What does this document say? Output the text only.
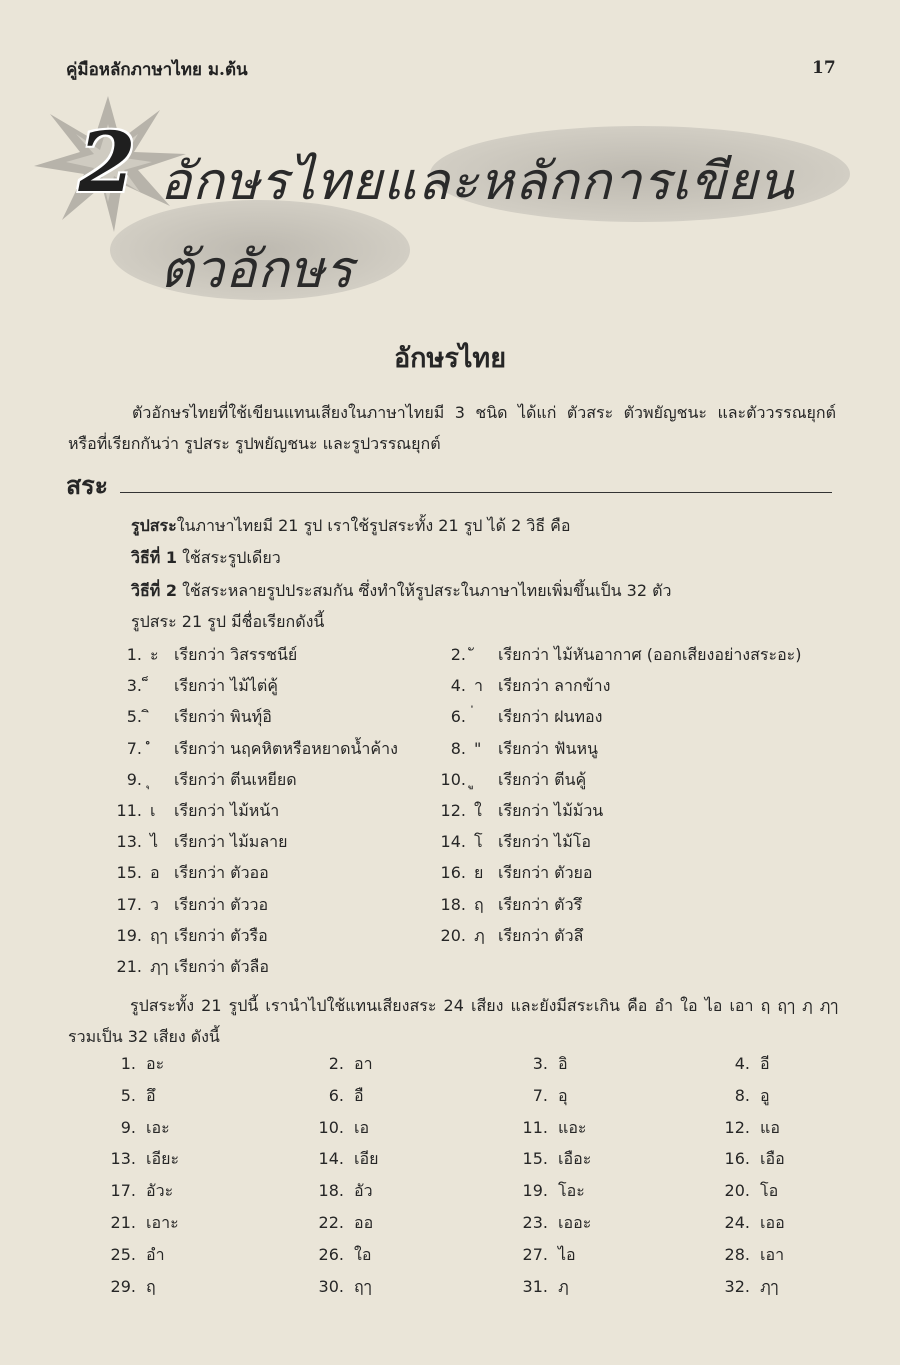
คู่มือหลักภาษาไทย ม.ต้น	17
2 อักษรไทยและหลักการเขียน
ตัวอักษร
อักษรไทย
ตัวอักษรไทยที่ใช้เขียนแทนเสียงในภาษาไทยมี 3 ชนิด ได้แก่ ตัวสระ ตัวพยัญชนะ และตัววรรณยุกต์ หรือที่เรียกกันว่า รูปสระ รูปพยัญชนะ และรูปวรรณยุกต์
สระ
รูปสระในภาษาไทยมี 21 รูป เราใช้รูปสระทั้ง 21 รูป ได้ 2 วิธี คือ
วิธีที่ 1 ใช้สระรูปเดียว
วิธีที่ 2 ใช้สระหลายรูปประสมกัน ซึ่งทำให้รูปสระในภาษาไทยเพิ่มขึ้นเป็น 32 ตัว
รูปสระ 21 รูป มีชื่อเรียกดังนี้
1. ะ เรียกว่า วิสรรชนีย์	2. เรียกว่า ไม้หันอากาศ (ออกเสียงอย่างสระอะ)
3. เรียกว่า ไม้ไต่คู้	4. า เรียกว่า ลากข้าง
5. เรียกว่า พินทุ์อิ	6. เรียกว่า ฝนทอง
7. เรียกว่า นฤคหิตหรือหยาดน้ำค้าง	8. " เรียกว่า ฟันหนู
9. เรียกว่า ตีนเหยียด	10. เรียกว่า ตีนคู้
11. เ เรียกว่า ไม้หน้า	12. ใ เรียกว่า ไม้ม้วน
13. ไ เรียกว่า ไม้มลาย	14. โ เรียกว่า ไม้โอ
15. อ เรียกว่า ตัวออ	16. ย เรียกว่า ตัวยอ
17. ว เรียกว่า ตัววอ	18. ฤ เรียกว่า ตัวรึ
19. ฤๅ เรียกว่า ตัวรือ	20. ฦ เรียกว่า ตัวลึ
21. ฦๅ เรียกว่า ตัวลือ
รูปสระทั้ง 21 รูปนี้ เรานำไปใช้แทนเสียงสระ 24 เสียง และยังมีสระเกิน คือ อำ ใอ ไอ เอา ฤ ฤๅ ฦ ฦๅ รวมเป็น 32 เสียง ดังนี้
1. อะ	2. อา	3. อิ	4. อี
5. อึ	6. อื	7. อุ	8. อู
9. เอะ	10. เอ	11. แอะ	12. แอ
13. เอียะ	14. เอีย	15. เอือะ	16. เอือ
17. อัวะ	18. อัว	19. โอะ	20. โอ
21. เอาะ	22. ออ	23. เออะ	24. เออ
25. อำ	26. ใอ	27. ไอ	28. เอา
29. ฤ	30. ฤๅ	31. ฦ	32. ฦๅ
